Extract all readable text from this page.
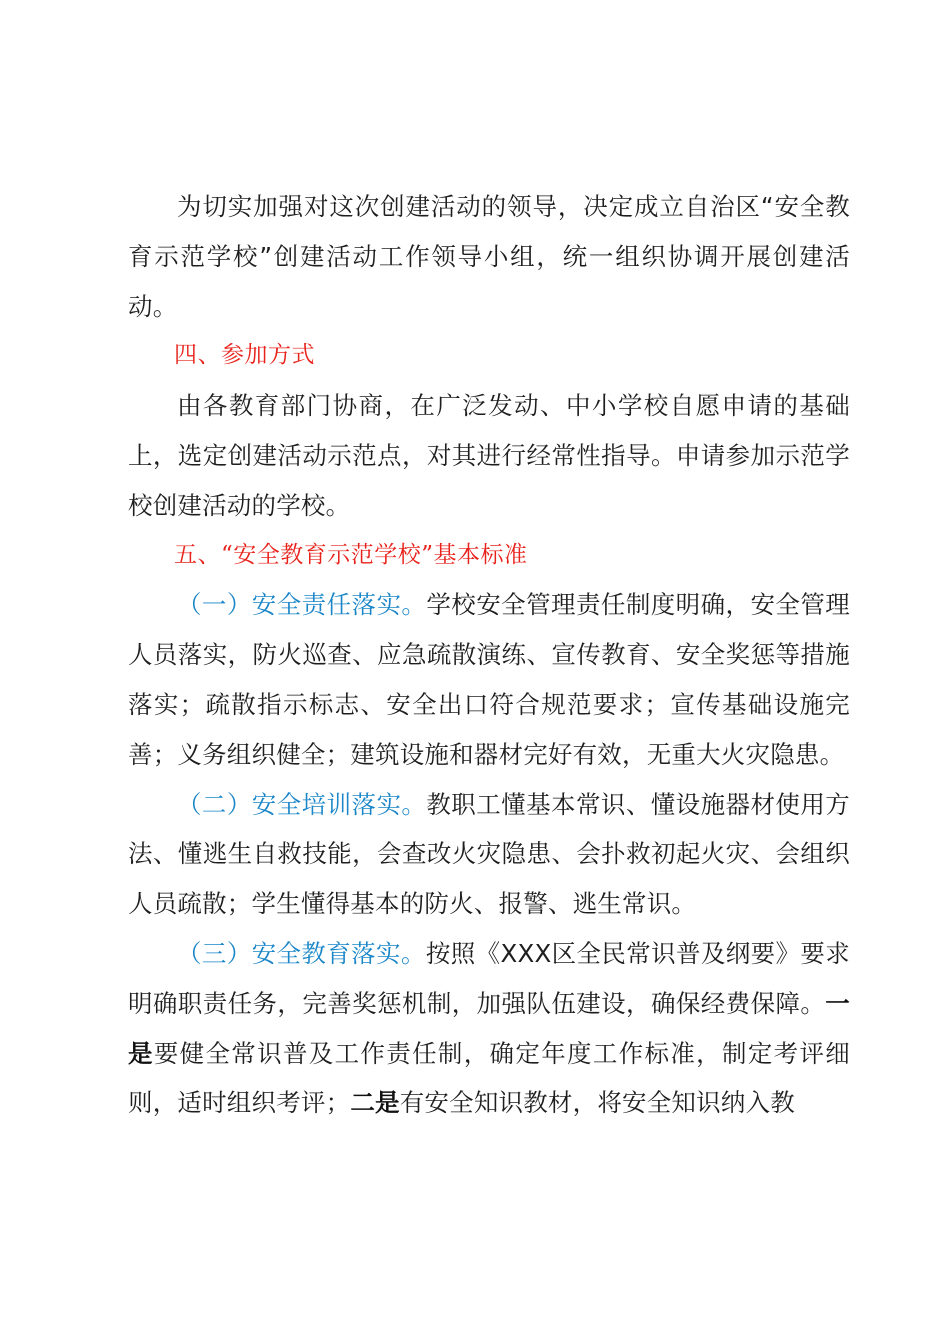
为切实加强对这次创建活动的领导，决定成立自治区“安全教育示范学校”创建活动工作领导小组，统一组织协调开展创建活动。

四、参加方式

由各教育部门协商，在广泛发动、中小学校自愿申请的基础上，选定创建活动示范点，对其进行经常性指导。申请参加示范学校创建活动的学校。

五、“安全教育示范学校”基本标准

（一）安全责任落实。学校安全管理责任制度明确，安全管理人员落实，防火巡查、应急疏散演练、宣传教育、安全奖惩等措施落实；疏散指示标志、安全出口符合规范要求；宣传基础设施完善；义务组织健全；建筑设施和器材完好有效，无重大火灾隐患。

（二）安全培训落实。教职工懂基本常识、懂设施器材使用方法、懂逃生自救技能，会查改火灾隐患、会扑救初起火灾、会组织人员疏散；学生懂得基本的防火、报警、逃生常识。

（三）安全教育落实。按照《XXX区全民常识普及纲要》要求明确职责任务，完善奖惩机制，加强队伍建设，确保经费保障。一是要健全常识普及工作责任制，确定年度工作标准，制定考评细则，适时组织考评；二是有安全知识教材，将安全知识纳入教
